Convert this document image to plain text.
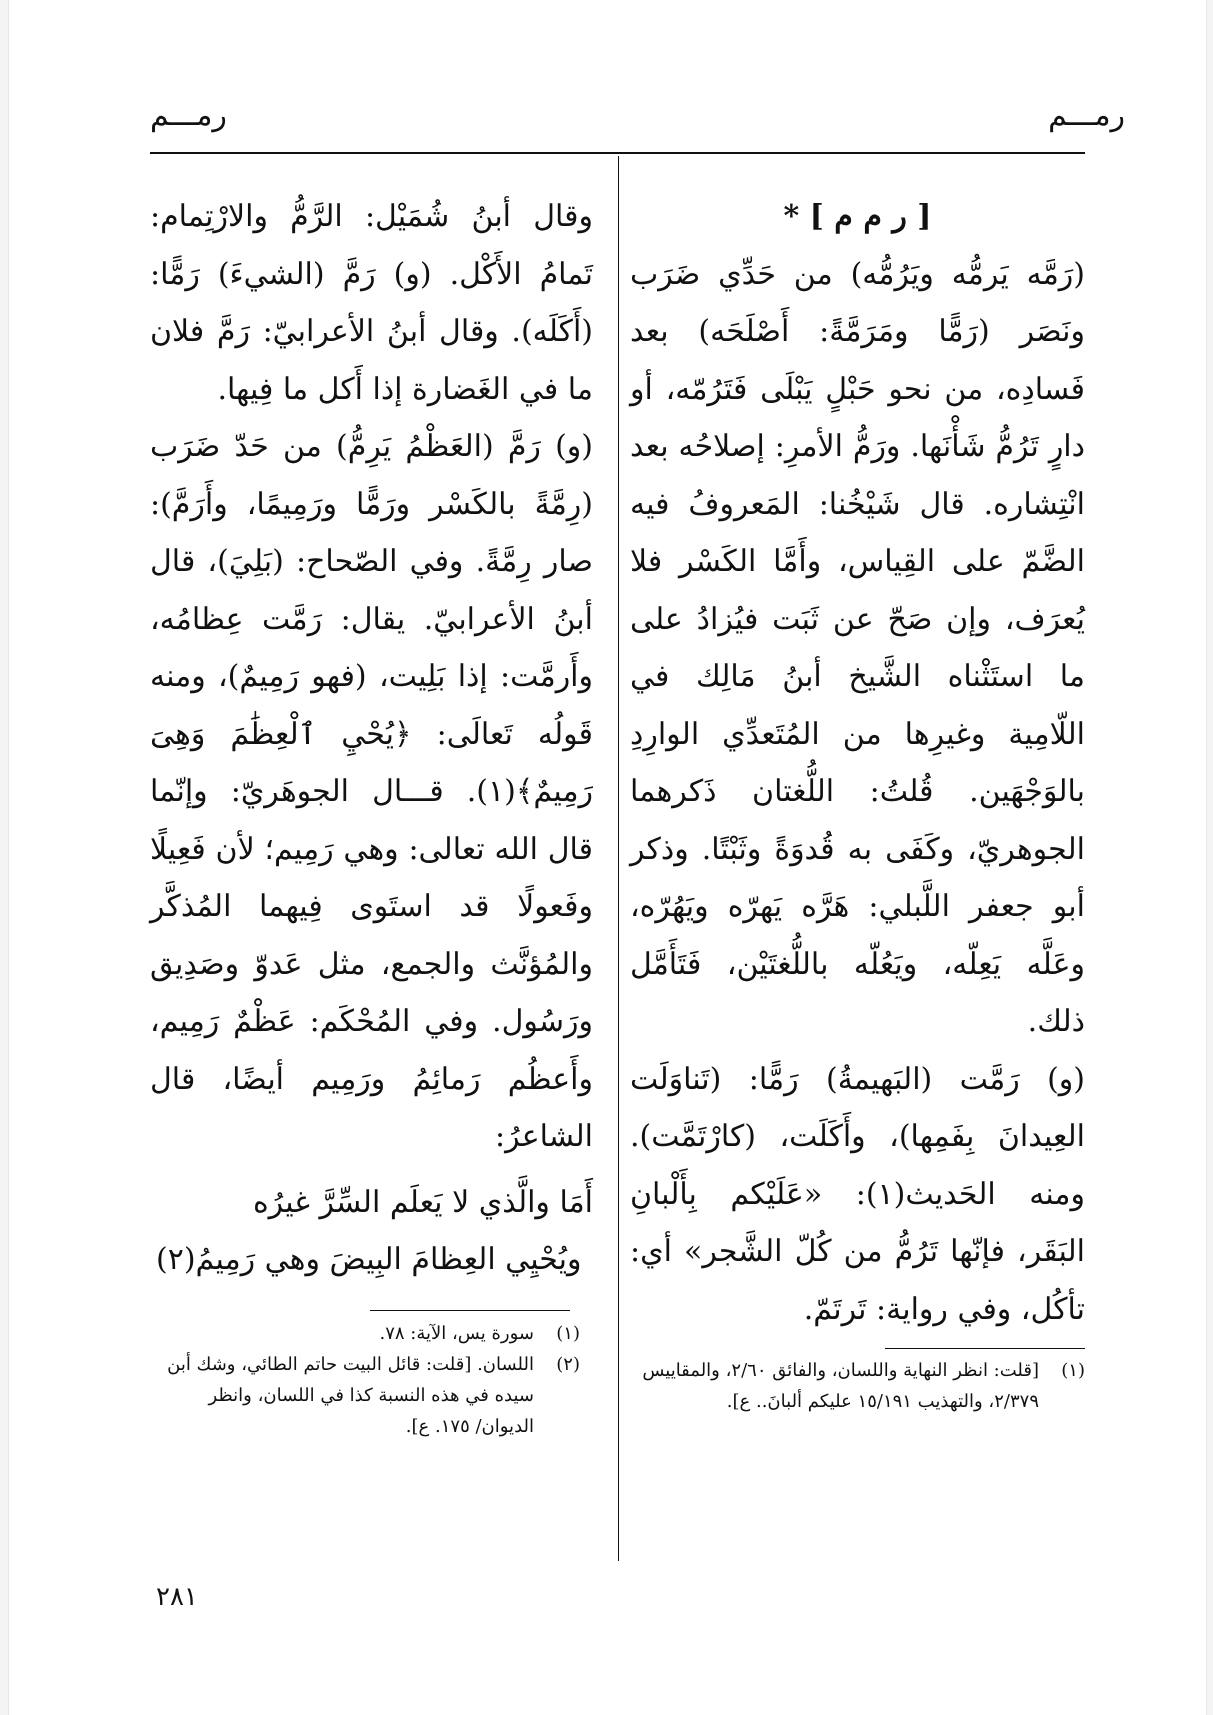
رمـــم
رمـــم

[ ر م م ] *

(رَمَّه يَرمُّه ويَرُمُّه) من حَدِّي ضَرَب ونَصَر (رَمًّا ومَرَمَّةً: أَصْلَحَه) بعد فَسادِه، من نحو حَبْلٍ يَبْلَى فَتَرُمّه، أو دارٍ تَرُمُّ شَأْنَها. ورَمُّ الأمرِ: إصلاحُه بعد انْتِشاره. قال شَيْخُنا: المَعروفُ فيه الضَّمّ على القِياس، وأَمَّا الكَسْر فلا يُعرَف، وإن صَحّ عن ثَبَت فيُزادُ على ما استَثْناه الشَّيخ أبنُ مَالِك في اللّامِية وغيرِها من المُتَعدِّي الوارِدِ بالوَجْهَين. قُلتُ: اللُّغتان ذَكرهما الجوهريّ، وكَفَى به قُدوَةً وثَبْتًا. وذكر أبو جعفر اللَّبلي: هَرَّه يَهرّه ويَهُرّه، وعَلَّه يَعِلّه، ويَعُلّه باللُّغتَيْن، فَتَأَمَّل ذلك.

(و) رَمَّت (البَهيمةُ) رَمًّا: (تَناوَلَت العِيدانَ بِفَمِها)، وأَكَلَت، (كارْتَمَّت). ومنه الحَديث(١): «عَلَيْكم بِأَلْبانِ البَقَر، فإنّها تَرُمُّ من كُلّ الشَّجر» أي: تأكُل، وفي رواية: تَرتَمّ.

وقال أبنُ شُمَيْل: الرَّمُّ والارْتِمام: تَمامُ الأَكْل. (و) رَمَّ (الشيءَ) رَمًّا: (أَكَلَه). وقال أبنُ الأعرابيّ: رَمَّ فلان ما في الغَضارة إذا أَكل ما فِيها.

(و) رَمَّ (العَظْمُ يَرِمُّ) من حَدّ ضَرَب (رِمَّةً بالكَسْر ورَمًّا ورَمِيمًا، وأَرَمَّ): صار رِمَّةً. وفي الصّحاح: (بَلِيَ)، قال أبنُ الأعرابيّ. يقال: رَمَّت عِظامُه، وأَرمَّت: إذا بَلِيت، (فهو رَمِيمٌ)، ومنه قَولُه تَعالَى: ﴿يُحْيِ ٱلْعِظَٰمَ وَهِىَ رَمِيمٌ﴾(١). قـــال الجوهَريّ: وإنّما قال الله تعالى: وهي رَمِيم؛ لأن فَعِيلًا وفَعولًا قد استَوى فِيهما المُذكَّر والمُؤنَّث والجمع، مثل عَدوّ وصَدِيق ورَسُول. وفي المُحْكَم: عَظْمٌ رَمِيم، وأَعظُم رَمائِمُ ورَمِيم أيضًا، قال الشاعرُ:

أَمَا والَّذي لا يَعلَم السِّرَّ غيرُه
ويُحْيِي العِظامَ البِيضَ وهي رَمِيمُ(٢)
(١)
سورة يس، الآية: ٧٨.
(٢)
اللسان. [قلت: قائل البيت حاتم الطائي، وشك أبن سيده في هذه النسبة كذا في اللسان، وانظر الديوان/ ١٧٥. ع].
(١)
[قلت: انظر النهاية واللسان، والفائق ٢/٦٠، والمقاييس ٢/٣٧٩، والتهذيب ١٥/١٩١ عليكم ألبانَ.. ع].
٢٨١
